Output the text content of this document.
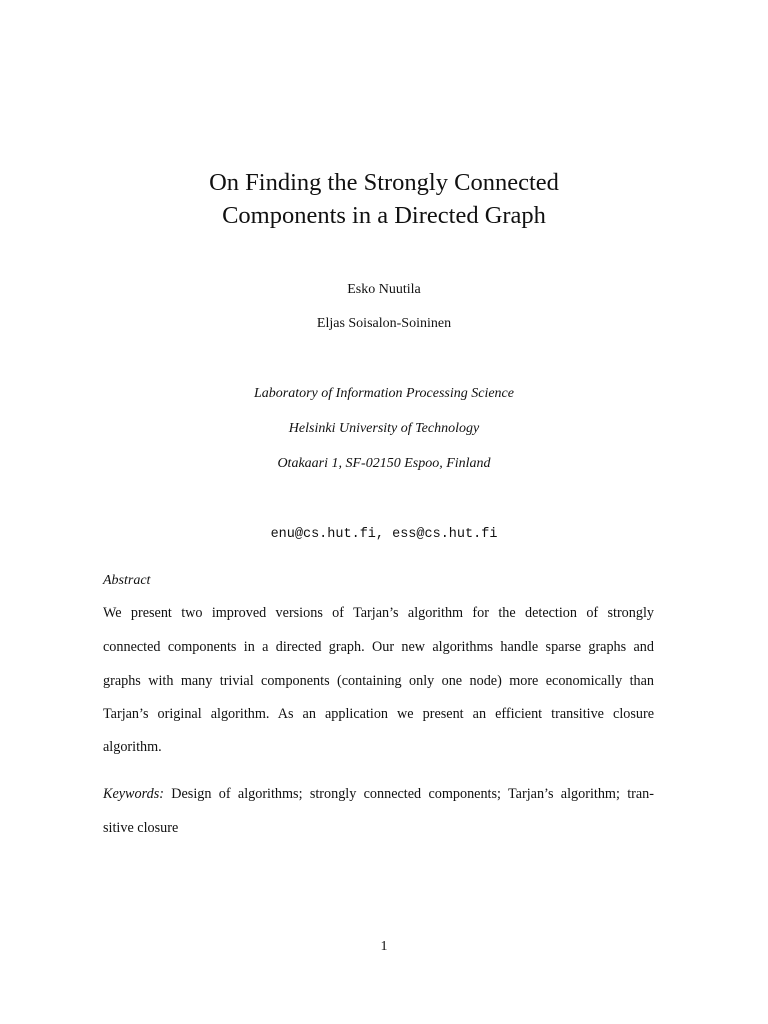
On Finding the Strongly Connected
Components in a Directed Graph
Esko Nuutila
Eljas Soisalon-Soininen
Laboratory of Information Processing Science
Helsinki University of Technology
Otakaari 1, SF-02150 Espoo, Finland
enu@cs.hut.fi, ess@cs.hut.fi
Abstract
We present two improved versions of Tarjan’s algorithm for the detection of strongly
connected components in a directed graph. Our new algorithms handle sparse graphs and
graphs with many trivial components (containing only one node) more economically than
Tarjan’s original algorithm. As an application we present an efficient transitive closure
algorithm.
Keywords: Design of algorithms; strongly connected components; Tarjan’s algorithm; tran-
sitive closure
1
